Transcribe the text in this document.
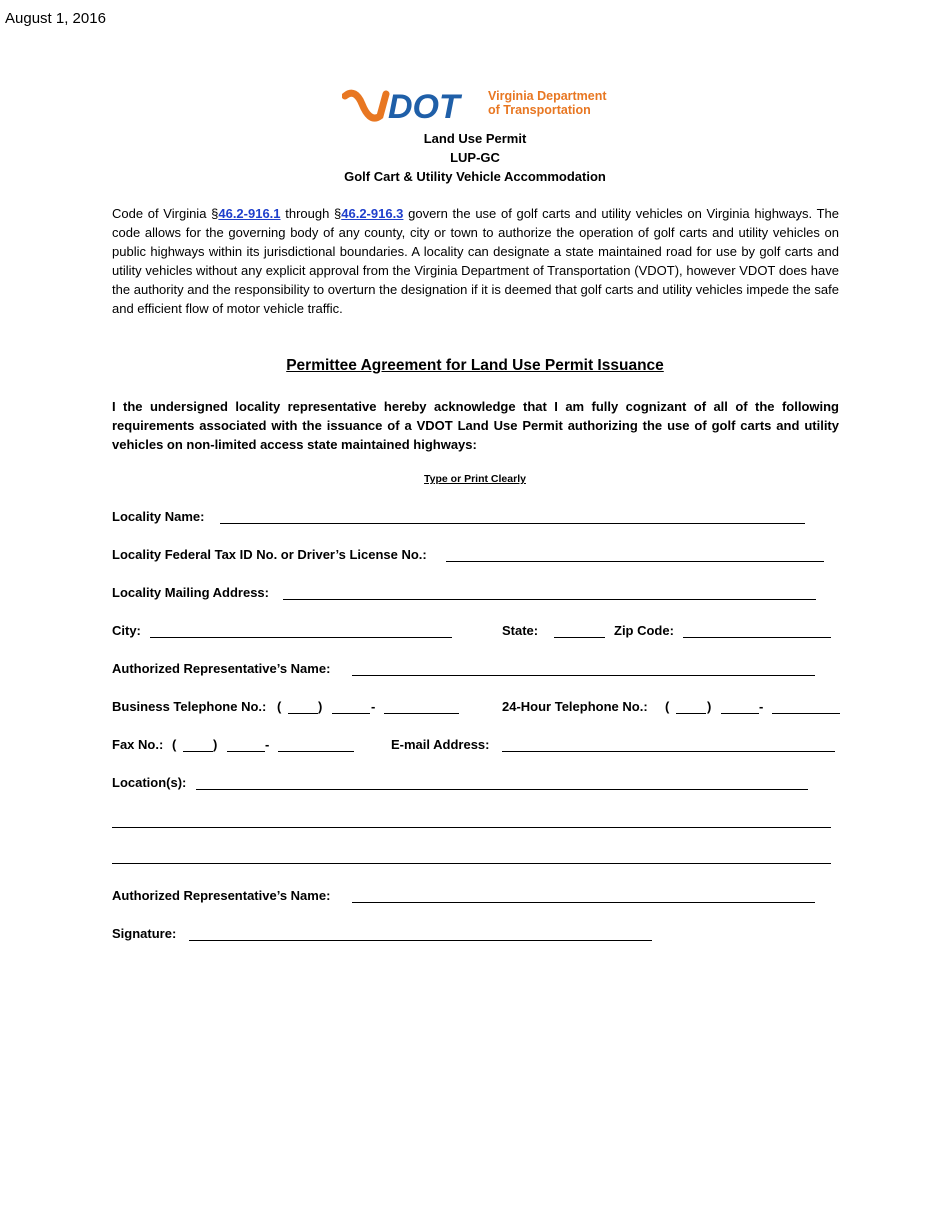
August 1, 2016
DOT Virginia Department
of Transportation
Land Use Permit
LUP-GC
Golf Cart & Utility Vehicle Accommodation
Code of Virginia §46.2-916.1 through §46.2-916.3 govern the use of golf carts and utility vehicles on Virginia highways. The code allows for the governing body of any county, city or town to authorize the operation of golf carts and utility vehicles on public highways within its jurisdictional boundaries. A locality can designate a state maintained road for use by golf carts and utility vehicles without any explicit approval from the Virginia Department of Transportation (VDOT), however VDOT does have the authority and the responsibility to overturn the designation if it is deemed that golf carts and utility vehicles impede the safe and efficient flow of motor vehicle traffic.
Permittee Agreement for Land Use Permit Issuance
I the undersigned locality representative hereby acknowledge that I am fully cognizant of all of the following requirements associated with the issuance of a VDOT Land Use Permit authorizing the use of golf carts and utility vehicles on non-limited access state maintained highways:
Type or Print Clearly
Locality Name:
Locality Federal Tax ID No. or Driver’s License No.:
Locality Mailing Address:
City:	State:	Zip Code:
Authorized Representative’s Name:
Business Telephone No.: (	)	-	24-Hour Telephone No.: (	)	-
Fax No.: (	)	-	E-mail Address:
Location(s):
Authorized Representative’s Name:
Signature:
